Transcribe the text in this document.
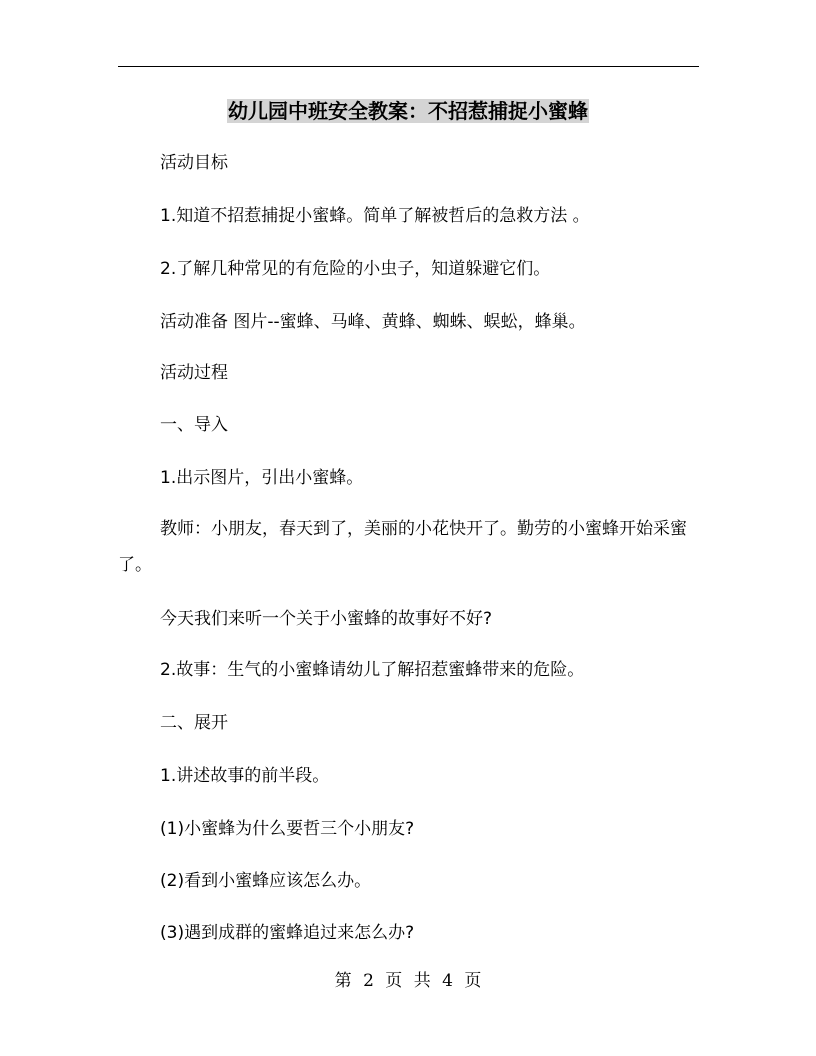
幼儿园中班安全教案：不招惹捕捉小蜜蜂
活动目标
1.知道不招惹捕捉小蜜蜂。简单了解被哲后的急救方法 。
2.了解几种常见的有危险的小虫子，知道躲避它们。
活动准备 图片--蜜蜂、马峰、黄蜂、蜘蛛、蜈蚣，蜂巢。
活动过程
一、导入
1.出示图片，引出小蜜蜂。
教师：小朋友，春天到了，美丽的小花快开了。勤劳的小蜜蜂开始采蜜了。
今天我们来听一个关于小蜜蜂的故事好不好?
2.故事：生气的小蜜蜂请幼儿了解招惹蜜蜂带来的危险。
二、展开
1.讲述故事的前半段。
(1)小蜜蜂为什么要哲三个小朋友?
(2)看到小蜜蜂应该怎么办。
(3)遇到成群的蜜蜂追过来怎么办?
第 2 页 共 4 页
